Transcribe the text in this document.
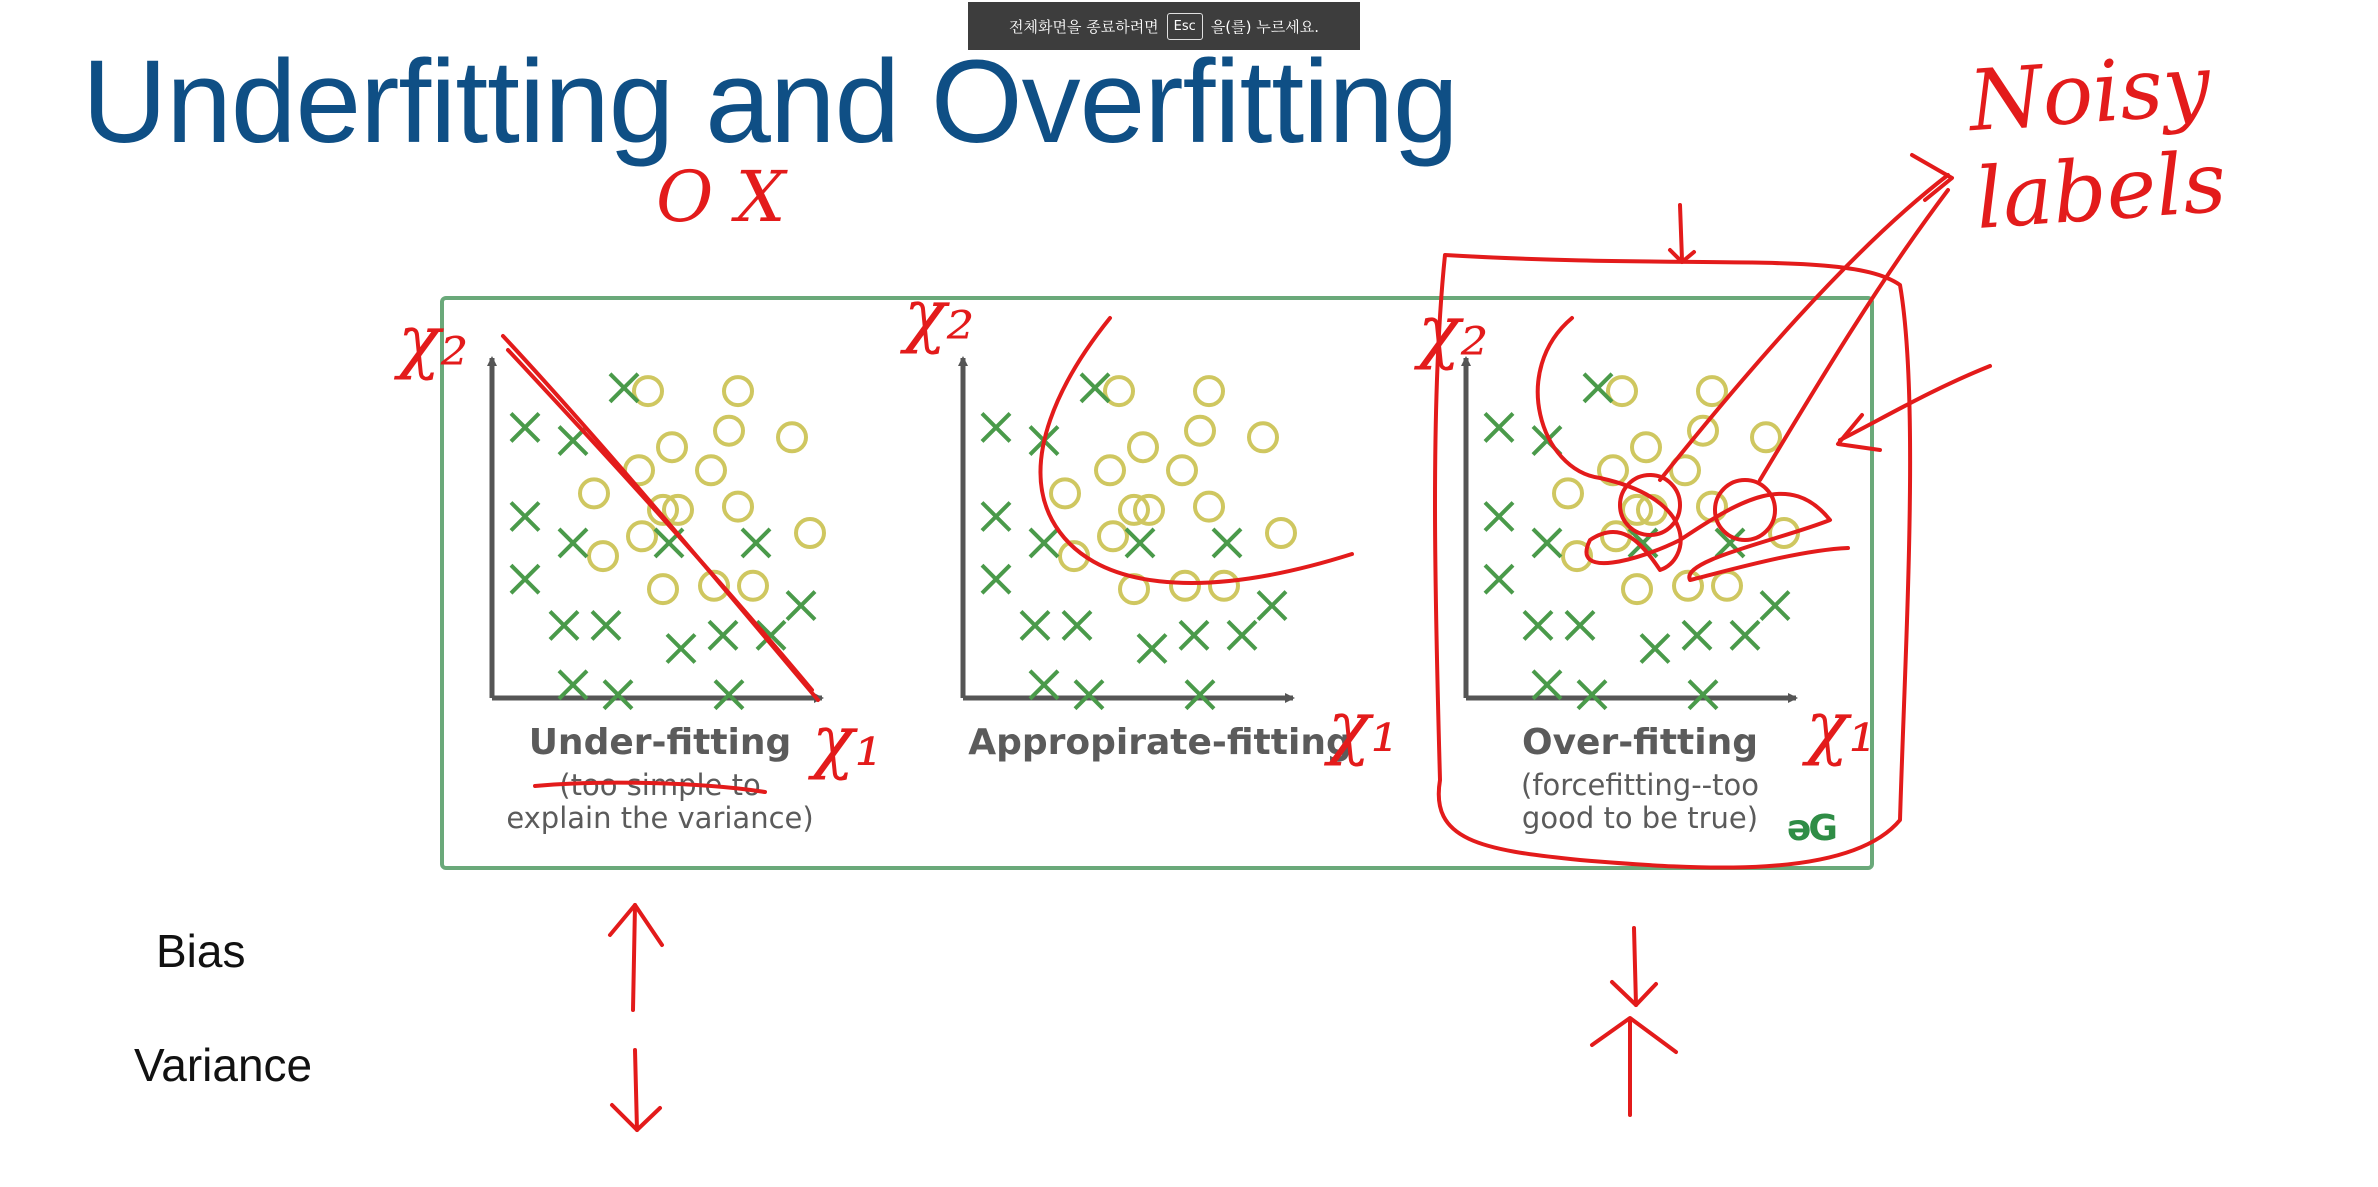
전체화면을 종료하려면	Esc	을(를) 누르세요.
Underfitting and Overfitting
Under-fitting
(too simple to
explain the variance)
Appropirate-fitting	Over-fitting
(forcefitting--too
good to be true) əG
Bias
Variance
O X
Noisy labels
χ₂
χ₁
χ₂
χ₁
χ₂
χ₁
